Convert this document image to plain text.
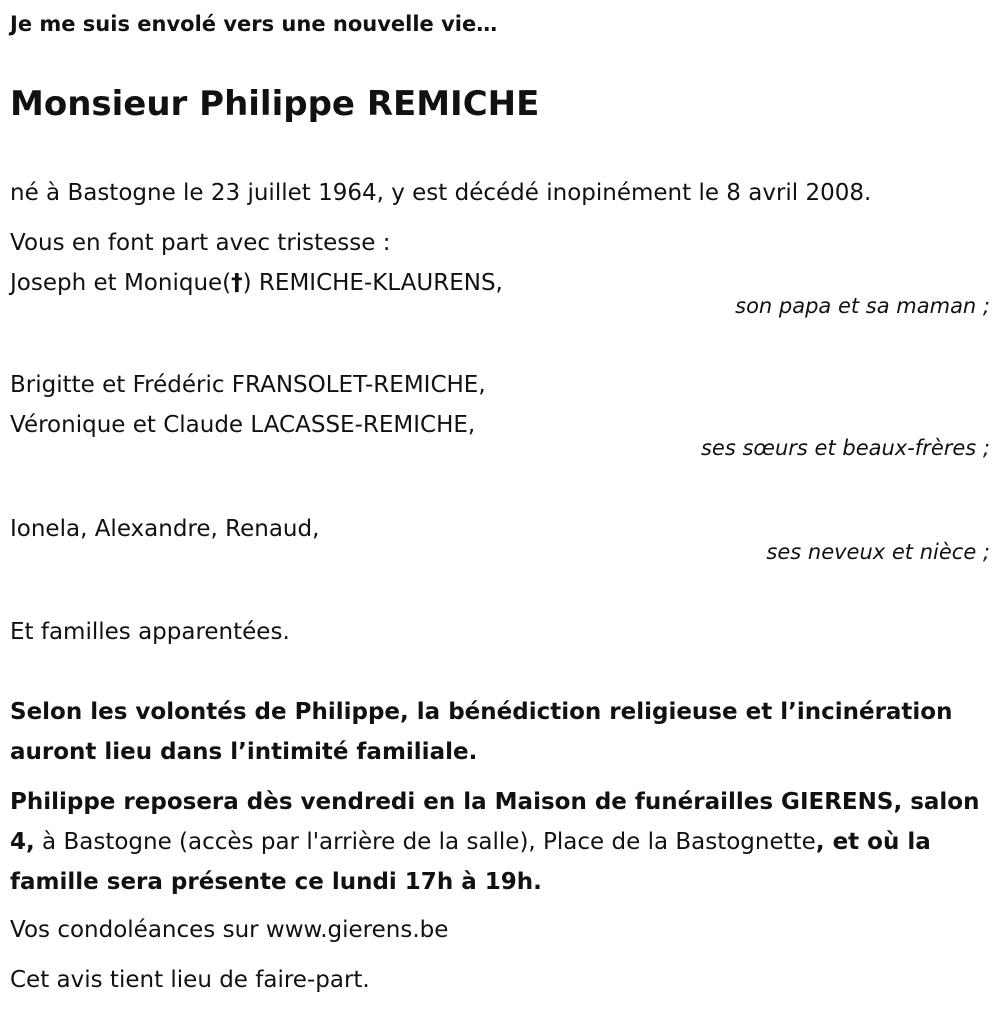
Je me suis envolé vers une nouvelle vie…
Monsieur Philippe REMICHE
né à Bastogne le 23 juillet 1964, y est décédé inopinément le 8 avril 2008.
Vous en font part avec tristesse :
Joseph et Monique(†) REMICHE-KLAURENS,
son papa et sa maman ;
Brigitte et Frédéric FRANSOLET-REMICHE,
Véronique et Claude LACASSE-REMICHE,
ses sœurs et beaux-frères ;
Ionela, Alexandre, Renaud,
ses neveux et nièce ;
Et familles apparentées.
Selon les volontés de Philippe, la bénédiction religieuse et l’incinération auront lieu dans l’intimité familiale.
Philippe reposera dès vendredi en la Maison de funérailles GIERENS, salon 4, à Bastogne (accès par l'arrière de la salle), Place de la Bastognette, et où la famille sera présente ce lundi 17h à 19h.
Vos condoléances sur www.gierens.be
Cet avis tient lieu de faire-part.
